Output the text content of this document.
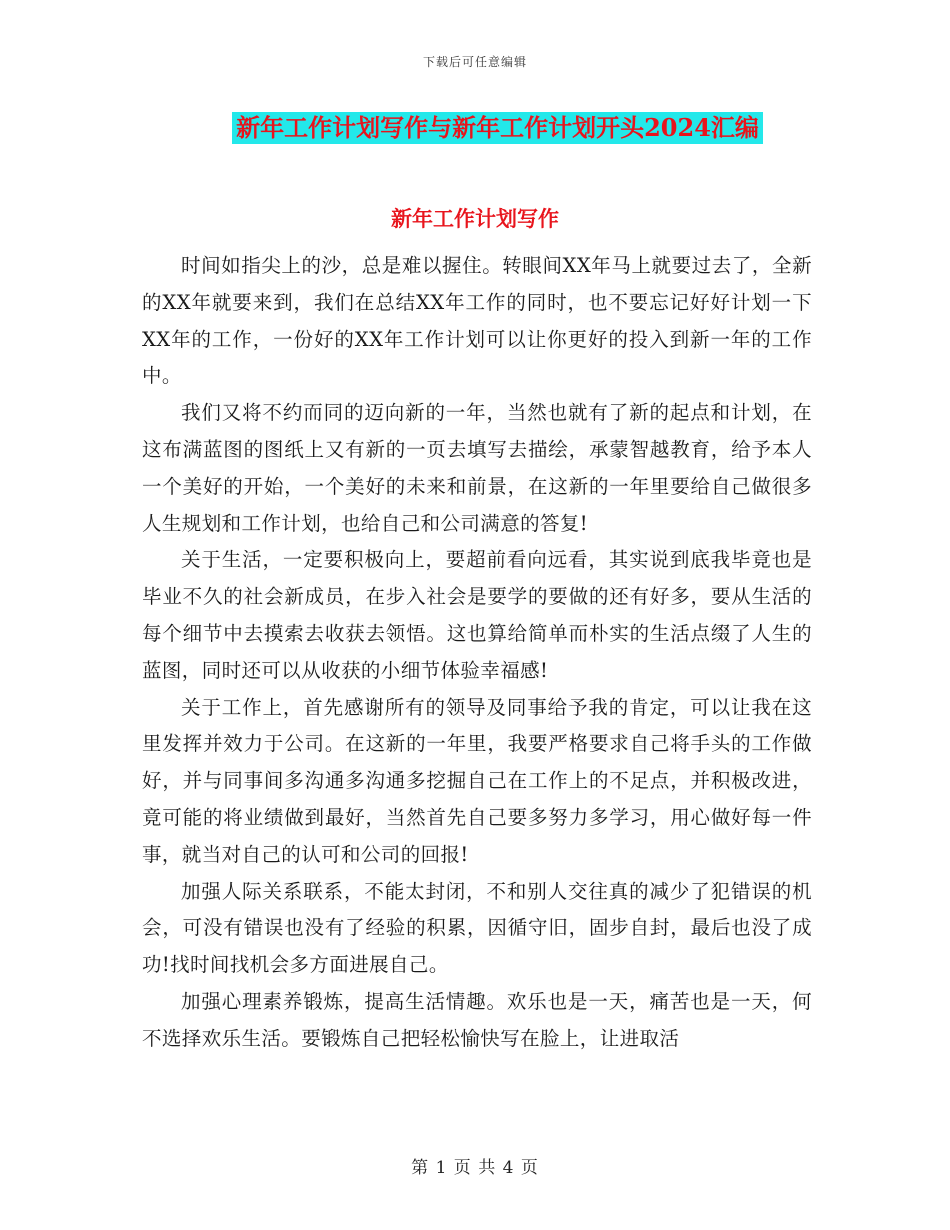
下载后可任意编辑
新年工作计划写作与新年工作计划开头2024汇编
新年工作计划写作

时间如指尖上的沙，总是难以握住。转眼间XX年马上就要过去了，全新的XX年就要来到，我们在总结XX年工作的同时，也不要忘记好好计划一下XX年的工作，一份好的XX年工作计划可以让你更好的投入到新一年的工作中。

我们又将不约而同的迈向新的一年，当然也就有了新的起点和计划，在这布满蓝图的图纸上又有新的一页去填写去描绘，承蒙智越教育，给予本人一个美好的开始，一个美好的未来和前景，在这新的一年里要给自己做很多人生规划和工作计划，也给自己和公司满意的答复!

关于生活，一定要积极向上，要超前看向远看，其实说到底我毕竟也是毕业不久的社会新成员，在步入社会是要学的要做的还有好多，要从生活的每个细节中去摸索去收获去领悟。这也算给简单而朴实的生活点缀了人生的蓝图，同时还可以从收获的小细节体验幸福感!

关于工作上，首先感谢所有的领导及同事给予我的肯定，可以让我在这里发挥并效力于公司。在这新的一年里，我要严格要求自己将手头的工作做好，并与同事间多沟通多沟通多挖掘自己在工作上的不足点，并积极改进，竟可能的将业绩做到最好，当然首先自己要多努力多学习，用心做好每一件事，就当对自己的认可和公司的回报!

加强人际关系联系，不能太封闭，不和别人交往真的减少了犯错误的机会，可没有错误也没有了经验的积累，因循守旧，固步自封，最后也没了成功!找时间找机会多方面进展自己。

加强心理素养锻炼，提高生活情趣。欢乐也是一天，痛苦也是一天，何不选择欢乐生活。要锻炼自己把轻松愉快写在脸上，让进取活

第 1 页 共 4 页
